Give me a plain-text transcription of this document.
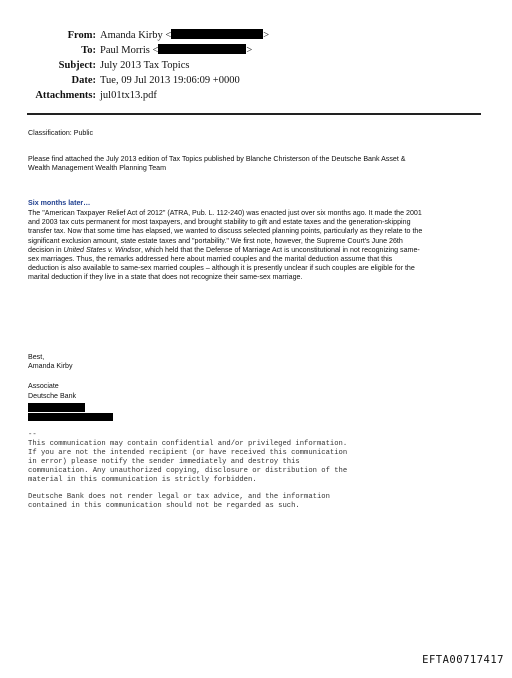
From: Amanda Kirby <	>
To: Paul Morris <	>
Subject: July 2013 Tax Topics
Date: Tue, 09 Jul 2013 19:06:09 +0000
Attachments: jul01tx13.pdf
Classification: Public
Please find attached the July 2013 edition of Tax Topics published by Blanche Christerson of the Deutsche Bank Asset &
Wealth Management Wealth Planning Team
Six months later…
The "American Taxpayer Relief Act of 2012" (ATRA, Pub. L. 112-240) was enacted just over six months ago. It made the 2001
and 2003 tax cuts permanent for most taxpayers, and brought stability to gift and estate taxes and the generation-skipping
transfer tax. Now that some time has elapsed, we wanted to discuss selected planning points, particularly as they relate to the
significant exclusion amount, state estate taxes and "portability." We first note, however, the Supreme Court's June 26th
decision in United States v. Windsor, which held that the Defense of Marriage Act is unconstitutional in not recognizing same-
sex marriages. Thus, the remarks addressed here about married couples and the marital deduction assume that this
deduction is also available to same-sex married couples – although it is presently unclear if such couples are eligible for the
marital deduction if they live in a state that does not recognize their same-sex marriage.
Best,
Amanda Kirby
Associate
Deutsche Bank
--
This communication may contain confidential and/or privileged information.
If you are not the intended recipient (or have received this communication
in error) please notify the sender immediately and destroy this
communication. Any unauthorized copying, disclosure or distribution of the
material in this communication is strictly forbidden.
Deutsche Bank does not render legal or tax advice, and the information
contained in this communication should not be regarded as such.
EFTA00717417
